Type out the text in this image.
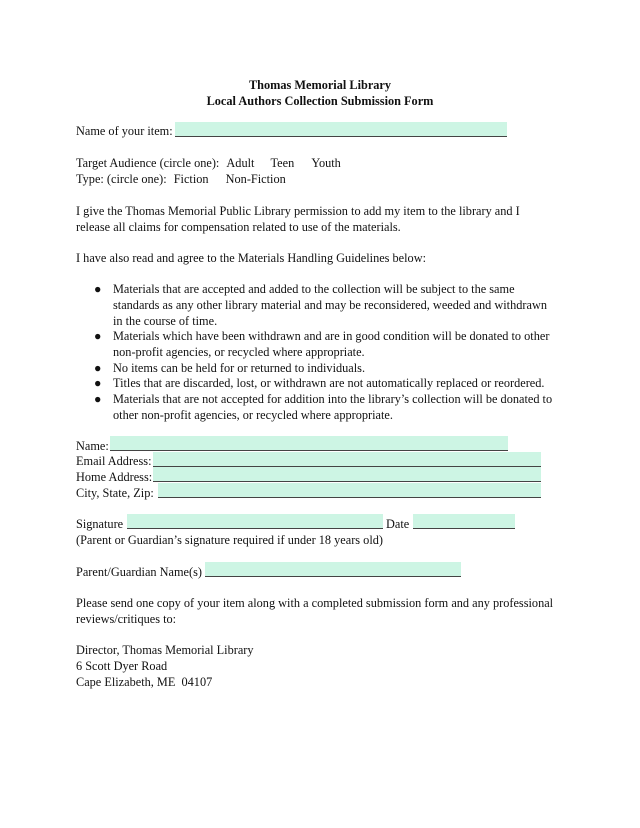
Thomas Memorial Library
Local Authors Collection Submission Form
Name of your item:
Target Audience (circle one): Adult Teen Youth
Type: (circle one): Fiction Non-Fiction
I give the Thomas Memorial Public Library permission to add my item to the library and I
release all claims for compensation related to use of the materials.
I have also read and agree to the Materials Handling Guidelines below:
● Materials that are accepted and added to the collection will be subject to the same
standards as any other library material and may be reconsidered, weeded and withdrawn
in the course of time.
● Materials which have been withdrawn and are in good condition will be donated to other
non-profit agencies, or recycled where appropriate.
● No items can be held for or returned to individuals.
● Titles that are discarded, lost, or withdrawn are not automatically replaced or reordered.
● Materials that are not accepted for addition into the library’s collection will be donated to
other non-profit agencies, or recycled where appropriate.
Name:
Email Address:
Home Address:
City, State, Zip:
Signature	Date
(Parent or Guardian’s signature required if under 18 years old)
Parent/Guardian Name(s)
Please send one copy of your item along with a completed submission form and any professional
reviews/critiques to:
Director, Thomas Memorial Library
6 Scott Dyer Road
Cape Elizabeth, ME  04107
